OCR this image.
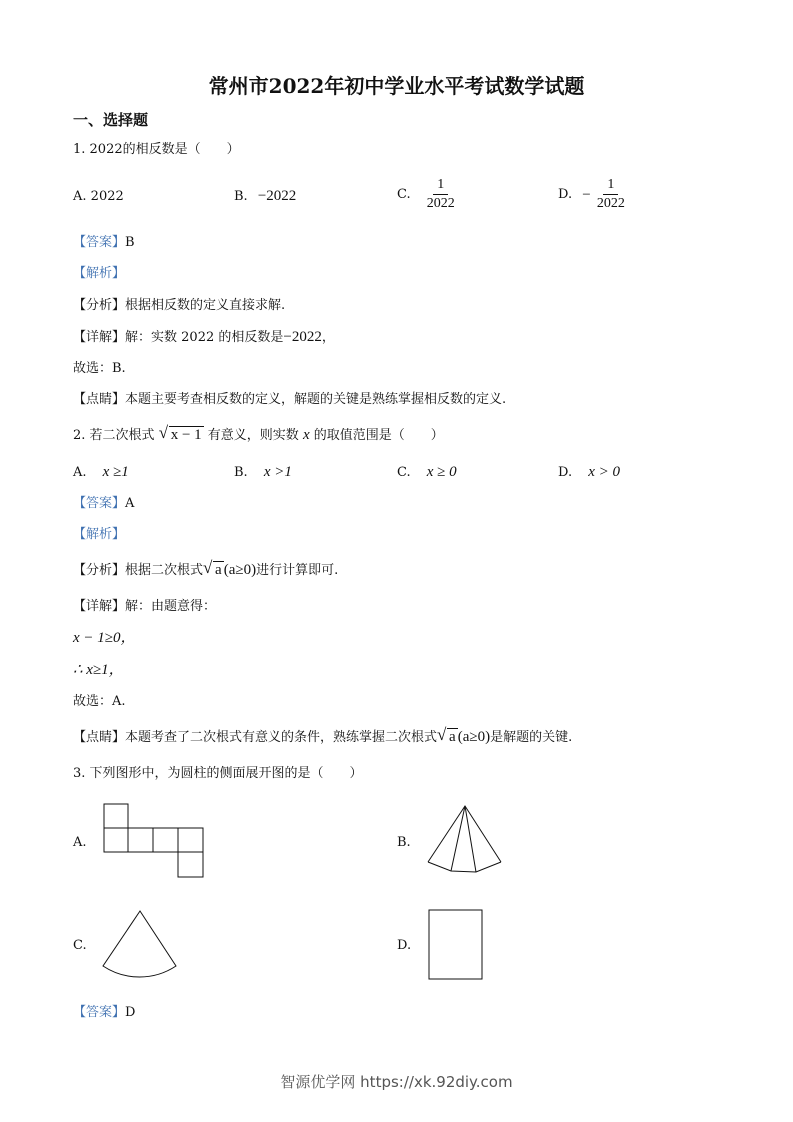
常州市2022年初中学业水平考试数学试题
一、选择题
1. 2022的相反数是（　　）
A. 2022	B. −2022	C. $\frac{1}{2022}$	D. − $\frac{1}{2022}$
【答案】B
【解析】
【分析】根据相反数的定义直接求解.
【详解】解：实数 2022 的相反数是−2022，
故选：B.
【点睛】本题主要考查相反数的定义，解题的关键是熟练掌握相反数的定义.
2. 若二次根式 √ x − 1 有意义，则实数 x 的取值范围是（　　）
A. x ≥1	B. x >1	C. x ≥ 0	D. x > 0
【答案】A
【解析】
【分析】根据二次根式 √ a (a≥0)进行计算即可.
【详解】解：由题意得：
x − 1≥0，
∴ x≥1，
故选：A.
【点睛】本题考查了二次根式有意义的条件，熟练掌握二次根式 √ a (a≥0)是解题的关键.
3. 下列图形中，为圆柱的侧面展开图的是（　　）
A.	B.
C.	D.
【答案】D
智源优学网 https://xk.92diy.com
